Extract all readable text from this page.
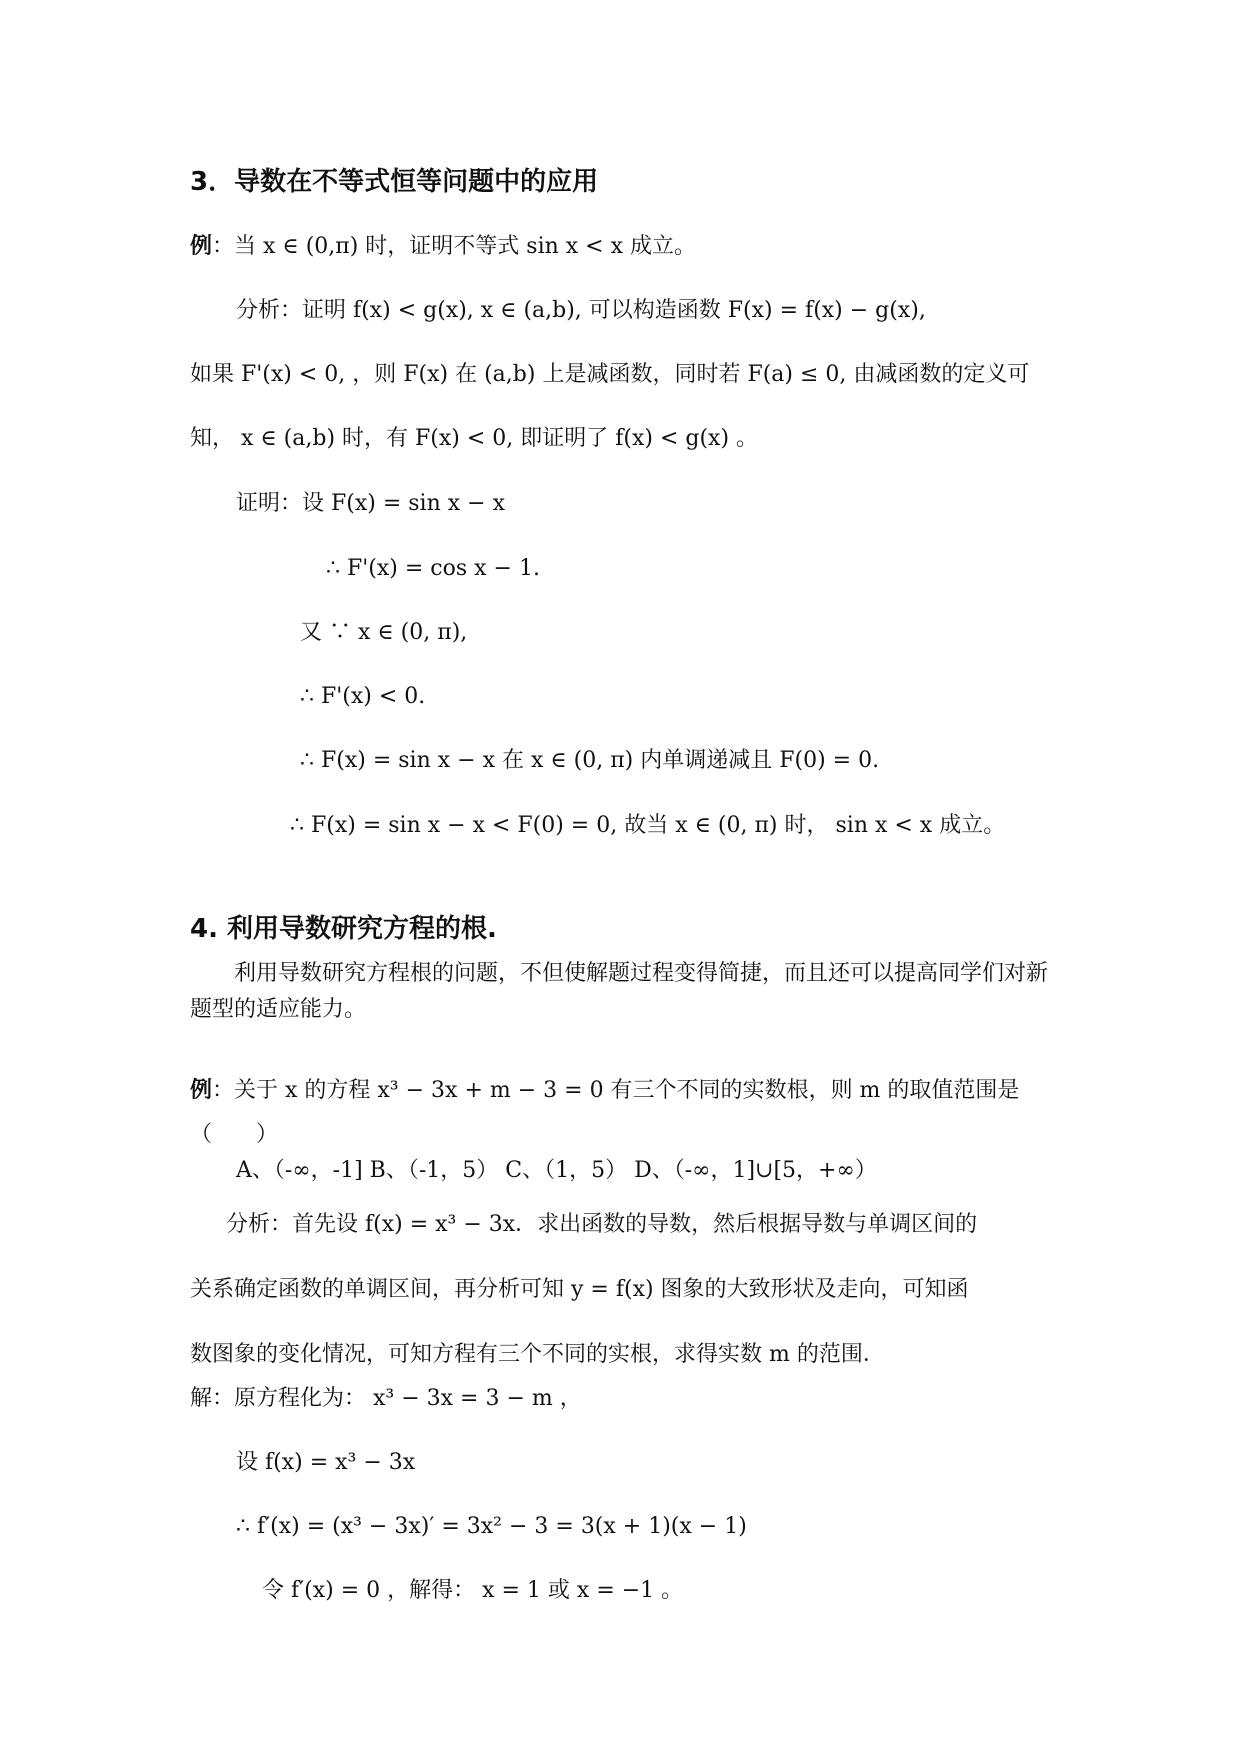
3．导数在不等式恒等问题中的应用
例：当 x ∈ (0,π) 时，证明不等式 sin x < x 成立。
分析：证明 f(x) < g(x), x ∈ (a,b), 可以构造函数 F(x) = f(x) − g(x),
如果 F'(x) < 0, ，则 F(x) 在 (a,b) 上是减函数，同时若 F(a) ≤ 0, 由减函数的定义可
知， x ∈ (a,b) 时，有 F(x) < 0, 即证明了 f(x) < g(x) 。
证明：设 F(x) = sin x − x
∴ F'(x) = cos x − 1.
又 ∵ x ∈ (0, π),
∴ F'(x) < 0.
∴ F(x) = sin x − x 在 x ∈ (0, π) 内单调递减且 F(0) = 0.
∴ F(x) = sin x − x < F(0) = 0, 故当 x ∈ (0, π) 时， sin x < x 成立。
4. 利用导数研究方程的根.
利用导数研究方程根的问题，不但使解题过程变得简捷，而且还可以提高同学们对新题型的适应能力。
例：关于 x 的方程 x³ − 3x + m − 3 = 0 有三个不同的实数根，则 m 的取值范围是
（　　）
A、（-∞，-1] B、（-1，5） C、（1，5） D、（-∞，1]∪[5，+∞）
分析：首先设 f(x) = x³ − 3x．求出函数的导数，然后根据导数与单调区间的
关系确定函数的单调区间，再分析可知 y = f(x) 图象的大致形状及走向，可知函
数图象的变化情况，可知方程有三个不同的实根，求得实数 m 的范围．
解：原方程化为： x³ − 3x = 3 − m ，
设 f(x) = x³ − 3x
∴ f′(x) = (x³ − 3x)′ = 3x² − 3 = 3(x + 1)(x − 1)
令 f′(x) = 0 ，解得： x = 1 或 x = −1 。
